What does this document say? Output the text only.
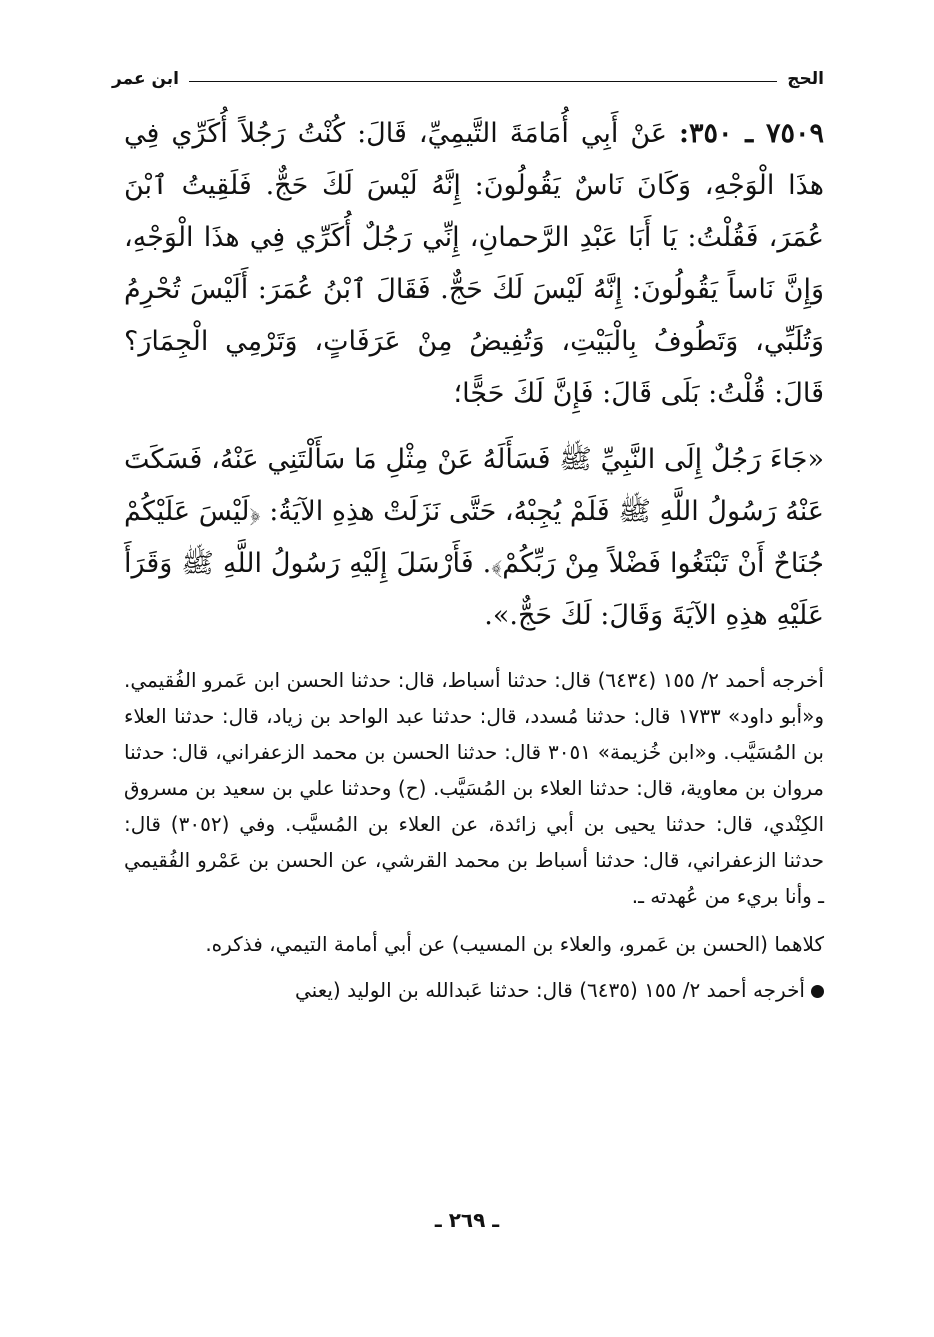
الحج
ابن عمر

٧٥٠٩ ـ ٣٥٠: عَنْ أَبِي أُمَامَةَ التَّيمِيِّ، قَالَ: كُنْتُ رَجُلاً أُكَرِّي فِي هذَا الْوَجْهِ، وَكَانَ نَاسٌ يَقُولُونَ: إِنَّهُ لَيْسَ لَكَ حَجٌّ. فَلَقِيتُ ٱبْنَ عُمَرَ، فَقُلْتُ: يَا أَبَا عَبْدِ الرَّحمانِ، إِنِّي رَجُلٌ أُكَرِّي فِي هذَا الْوَجْهِ، وَإِنَّ نَاساً يَقُولُونَ: إِنَّهُ لَيْسَ لَكَ حَجٌّ. فَقَالَ ٱبْنُ عُمَرَ: أَلَيْسَ تُحْرِمُ وَتُلَبِّي، وَتَطُوفُ بِالْبَيْتِ، وَتُفِيضُ مِنْ عَرَفَاتٍ، وَتَرْمِي الْجِمَارَ؟ قَالَ: قُلْتُ: بَلَى قَالَ: فَإِنَّ لَكَ حَجًّا؛

«جَاءَ رَجُلٌ إِلَى النَّبِيِّ ﷺ فَسَأَلَهُ عَنْ مِثْلِ مَا سَأَلْتَنِي عَنْهُ، فَسَكَتَ عَنْهُ رَسُولُ اللَّهِ ﷺ فَلَمْ يُجِبْهُ، حَتَّى نَزَلَتْ هذِهِ الآيَةُ: ﴿لَيْسَ عَلَيْكُمْ جُنَاحٌ أَنْ تَبْتَغُوا فَضْلاً مِنْ رَبِّكُمْ﴾. فَأَرْسَلَ إِلَيْهِ رَسُولُ اللَّهِ ﷺ وَقَرَأَ عَلَيْهِ هذِهِ الآيَةَ وَقَالَ: لَكَ حَجٌّ.».

أخرجه أحمد ٢/ ١٥٥ (٦٤٣٤) قال: حدثنا أسباط، قال: حدثنا الحسن ابن عَمرو الفُقيمي. و«أبو داود» ١٧٣٣ قال: حدثنا مُسدد، قال: حدثنا عبد الواحد بن زياد، قال: حدثنا العلاء بن المُسَيَّب. و«ابن خُزيمة» ٣٠٥١ قال: حدثنا الحسن بن محمد الزعفراني، قال: حدثنا مروان بن معاوية، قال: حدثنا العلاء بن المُسَيَّب. (ح) وحدثنا علي بن سعيد بن مسروق الكِنْدي، قال: حدثنا يحيى بن أبي زائدة، عن العلاء بن المُسيَّب. وفي (٣٠٥٢) قال: حدثنا الزعفراني، قال: حدثنا أسباط بن محمد القرشي، عن الحسن بن عَمْرو الفُقيمي ـ وأنا بريء من عُهدته ـ.

كلاهما (الحسن بن عَمرو، والعلاء بن المسيب) عن أبي أمامة التيمي، فذكره.

أخرجه أحمد ٢/ ١٥٥ (٦٤٣٥) قال: حدثنا عَبدالله بن الوليد (يعني

ـ ٢٦٩ ـ
